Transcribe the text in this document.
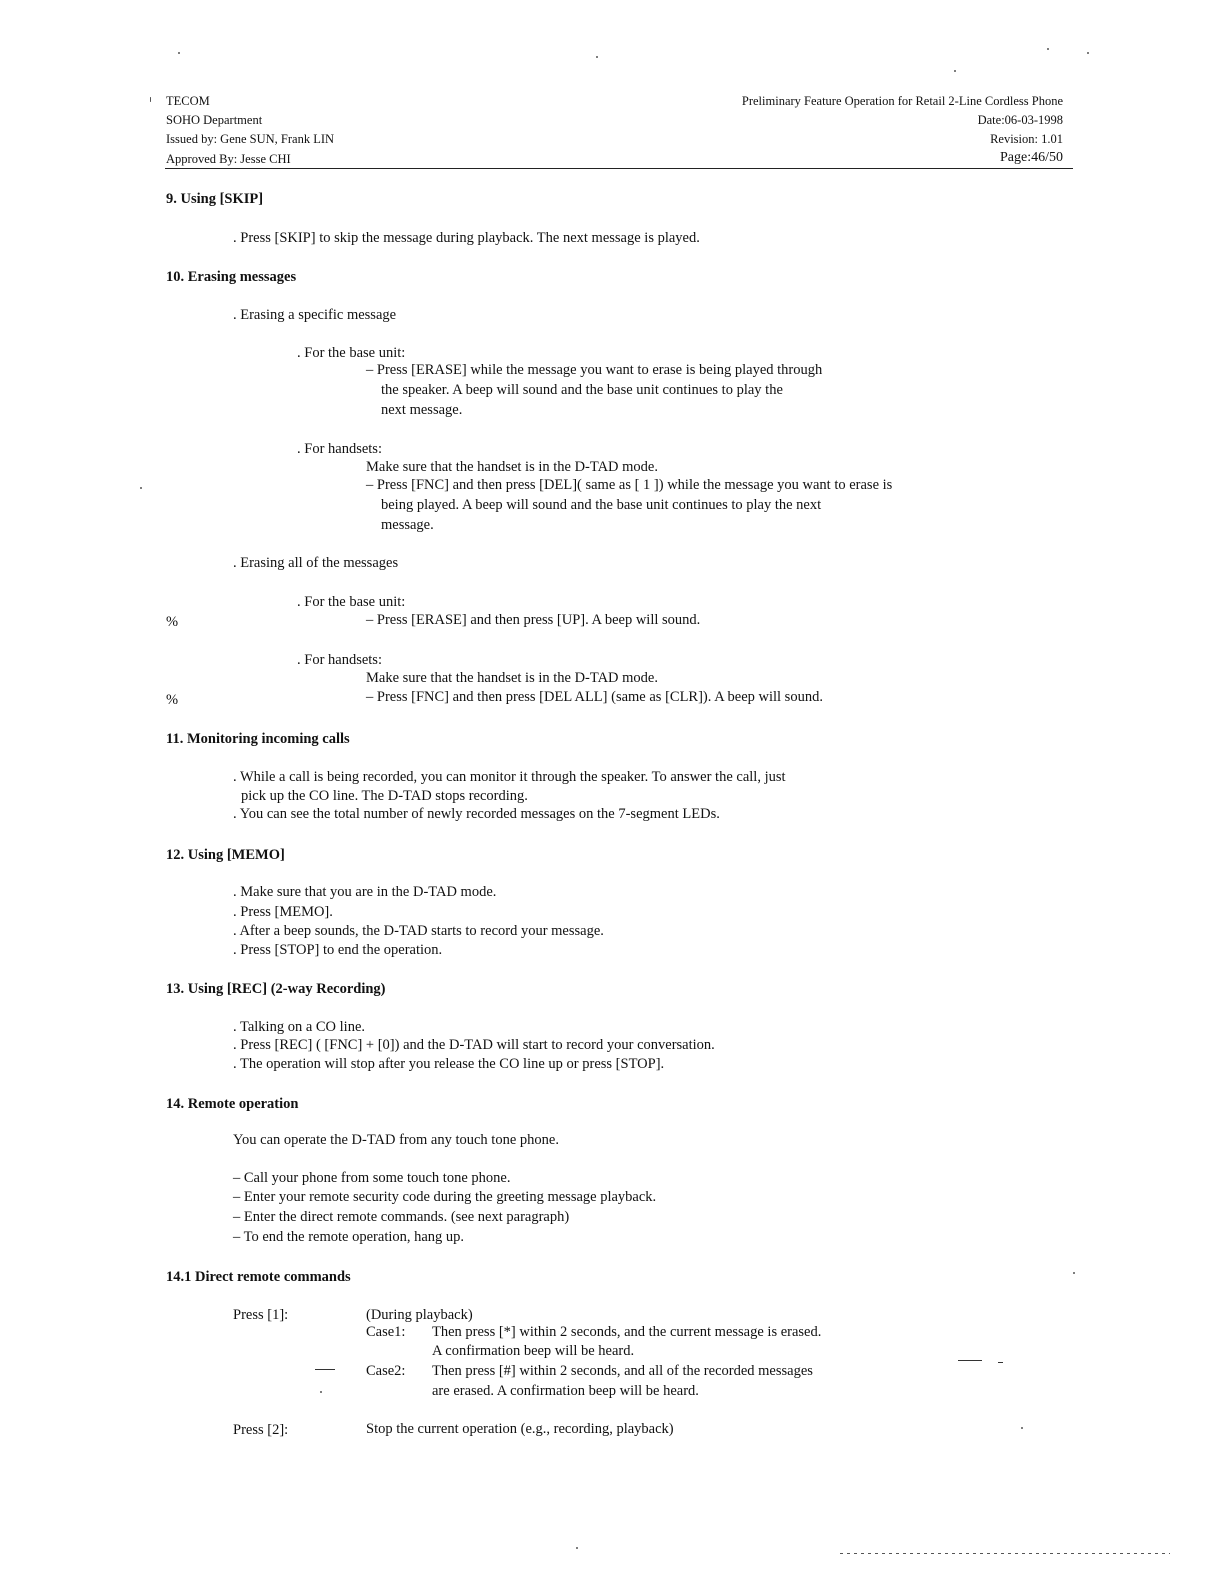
TECOM
SOHO Department
Issued by: Gene SUN, Frank LIN
Approved By: Jesse CHI
Preliminary Feature Operation for Retail 2-Line Cordless Phone
Date:06-03-1998
Revision: 1.01
Page:46/50
9. Using [SKIP]
. Press [SKIP] to skip the message during playback. The next message is played.
10. Erasing messages
. Erasing a specific message
. For the base unit:
– Press [ERASE] while the message you want to erase is being played through
the speaker. A beep will sound and the base unit continues to play the
next message.
. For handsets:
Make sure that the handset is in the D-TAD mode.
– Press [FNC] and then press [DEL]( same as [ 1 ]) while the message you want to erase is
being played. A beep will sound and the base unit continues to play the next
message.
. Erasing all of the messages
. For the base unit:
%	– Press [ERASE] and then press [UP]. A beep will sound.
. For handsets:
Make sure that the handset is in the D-TAD mode.
%	– Press [FNC] and then press [DEL ALL] (same as [CLR]). A beep will sound.
11. Monitoring incoming calls
. While a call is being recorded, you can monitor it through the speaker. To answer the call, just
pick up the CO line. The D-TAD stops recording.
. You can see the total number of newly recorded messages on the 7-segment LEDs.
12. Using [MEMO]
. Make sure that you are in the D-TAD mode.
. Press [MEMO].
. After a beep sounds, the D-TAD starts to record your message.
. Press [STOP] to end the operation.
13. Using [REC] (2-way Recording)
. Talking on a CO line.
. Press [REC] ( [FNC] + [0]) and the D-TAD will start to record your conversation.
. The operation will stop after you release the CO line up or press [STOP].
14. Remote operation
You can operate the D-TAD from any touch tone phone.
– Call your phone from some touch tone phone.
– Enter your remote security code during the greeting message playback.
– Enter the direct remote commands. (see next paragraph)
– To end the remote operation, hang up.
14.1 Direct remote commands
Press [1]:	(During playback)
Case1: Then press [*] within 2 seconds, and the current message is erased.
A confirmation beep will be heard.
Case2: Then press [#] within 2 seconds, and all of the recorded messages
are erased. A confirmation beep will be heard.
Press [2]:	Stop the current operation (e.g., recording, playback)
